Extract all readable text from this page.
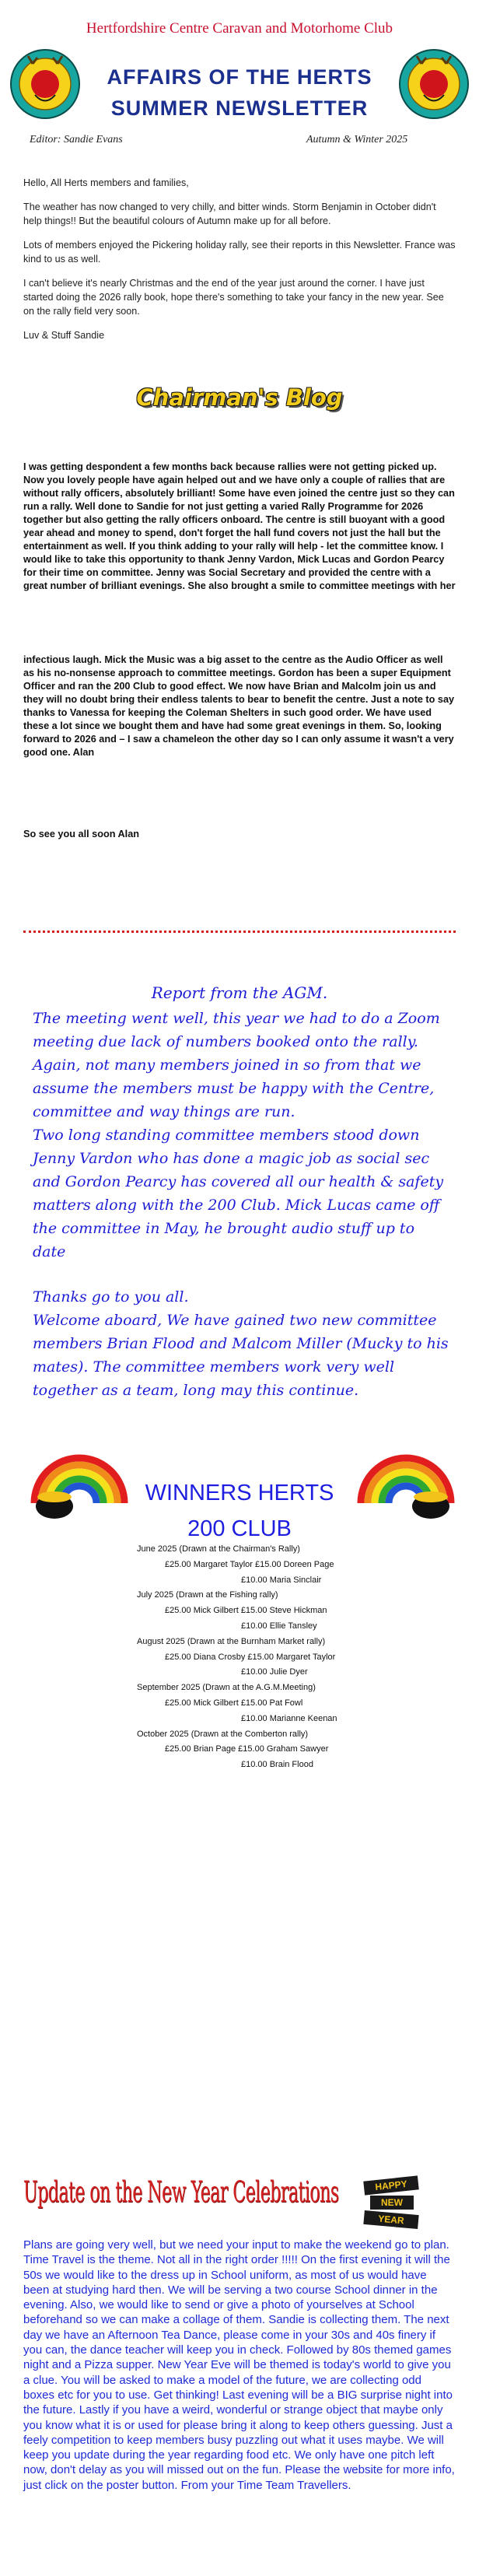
Hertfordshire Centre Caravan and Motorhome Club
AFFAIRS OF THE HERTS
SUMMER NEWSLETTER
Editor: Sandie Evans	Autumn & Winter 2025

Hello, All Herts members and families,

The weather has now changed to very chilly, and bitter winds. Storm Benjamin in October didn't help things!! But the beautiful colours of Autumn make up for all before.

Lots of members enjoyed the Pickering holiday rally, see their reports in this Newsletter. France was kind to us as well.

I can't believe it's nearly Christmas and the end of the year just around the corner. I have just started doing the 2026 rally book, hope there's something to take your fancy in the new year. See on the rally field very soon.

Luv & Stuff Sandie

Chairman's Blog

I was getting despondent a few months back because rallies were not getting picked up. Now you lovely people have again helped out and we have only a couple of rallies that are without rally officers, absolutely brilliant! Some have even joined the centre just so they can run a rally. Well done to Sandie for not just getting a varied Rally Programme for 2026 together but also getting the rally officers onboard. The centre is still buoyant with a good year ahead and money to spend, don't forget the hall fund covers not just the hall but the entertainment as well. If you think adding to your rally will help - let the committee know. I would like to take this opportunity to thank Jenny Vardon, Mick Lucas and Gordon Pearcy for their time on committee. Jenny was Social Secretary and provided the centre with a great number of brilliant evenings. She also brought a smile to committee meetings with her

infectious laugh. Mick the Music was a big asset to the centre as the Audio Officer as well as his no-nonsense approach to committee meetings. Gordon has been a super Equipment Officer and ran the 200 Club to good effect. We now have Brian and Malcolm join us and they will no doubt bring their endless talents to bear to benefit the centre. Just a note to say thanks to Vanessa for keeping the Coleman Shelters in such good order. We have used these a lot since we bought them and have had some great evenings in them. So, looking forward to 2026 and – I saw a chameleon the other day so I can only assume it wasn't a very good one. Alan

So see you all soon Alan
Report from the AGM.

The meeting went well, this year we had to do a Zoom meeting due lack of numbers booked onto the rally. Again, not many members joined in so from that we assume the members must be happy with the Centre, committee and way things are run.

Two long standing committee members stood down

Jenny Vardon who has done a magic job as social sec and Gordon Pearcy has covered all our health & safety matters along with the 200 Club. Mick Lucas came off the committee in May, he brought audio stuff up to date

Thanks go to you all.

Welcome aboard, We have gained two new committee members Brian Flood and Malcom Miller (Mucky to his mates). The committee members work very well together as a team, long may this continue.

WINNERS HERTS
200 CLUB
June 2025 (Drawn at the Chairman's Rally)
£25.00 Margaret Taylor £15.00 Doreen Page
£10.00 Maria Sinclair
July 2025 (Drawn at the Fishing rally)
£25.00 Mick Gilbert £15.00 Steve Hickman
£10.00 Ellie Tansley
August 2025 (Drawn at the Burnham Market rally)
£25.00 Diana Crosby £15.00 Margaret Taylor
£10.00 Julie Dyer
September 2025 (Drawn at the A.G.M.Meeting)
£25.00 Mick Gilbert £15.00 Pat Fowl
£10.00 Marianne Keenan
October 2025 (Drawn at the Comberton rally)
£25.00 Brian Page £15.00 Graham Sawyer
£10.00 Brain Flood
Update on the New Year Celebrations	HAPPY
NEW
YEAR

Plans are going very well, but we need your input to make the weekend go to plan. Time Travel is the theme. Not all in the right order !!!!! On the first evening it will the 50s we would like to the dress up in School uniform, as most of us would have been at studying hard then. We will be serving a two course School dinner in the evening. Also, we would like to send or give a photo of yourselves at School beforehand so we can make a collage of them. Sandie is collecting them. The next day we have an Afternoon Tea Dance, please come in your 30s and 40s finery if you can, the dance teacher will keep you in check. Followed by 80s themed games night and a Pizza supper. New Year Eve will be themed is today's world to give you a clue. You will be asked to make a model of the future, we are collecting odd boxes etc for you to use. Get thinking! Last evening will be a BIG surprise night into the future. Lastly if you have a weird, wonderful or strange object that maybe only you know what it is or used for please bring it along to keep others guessing. Just a feely competition to keep members busy puzzling out what it uses maybe. We will keep you update during the year regarding food etc. We only have one pitch left now, don't delay as you will missed out on the fun. Please the website for more info, just click on the poster button. From your Time Team Travellers.
